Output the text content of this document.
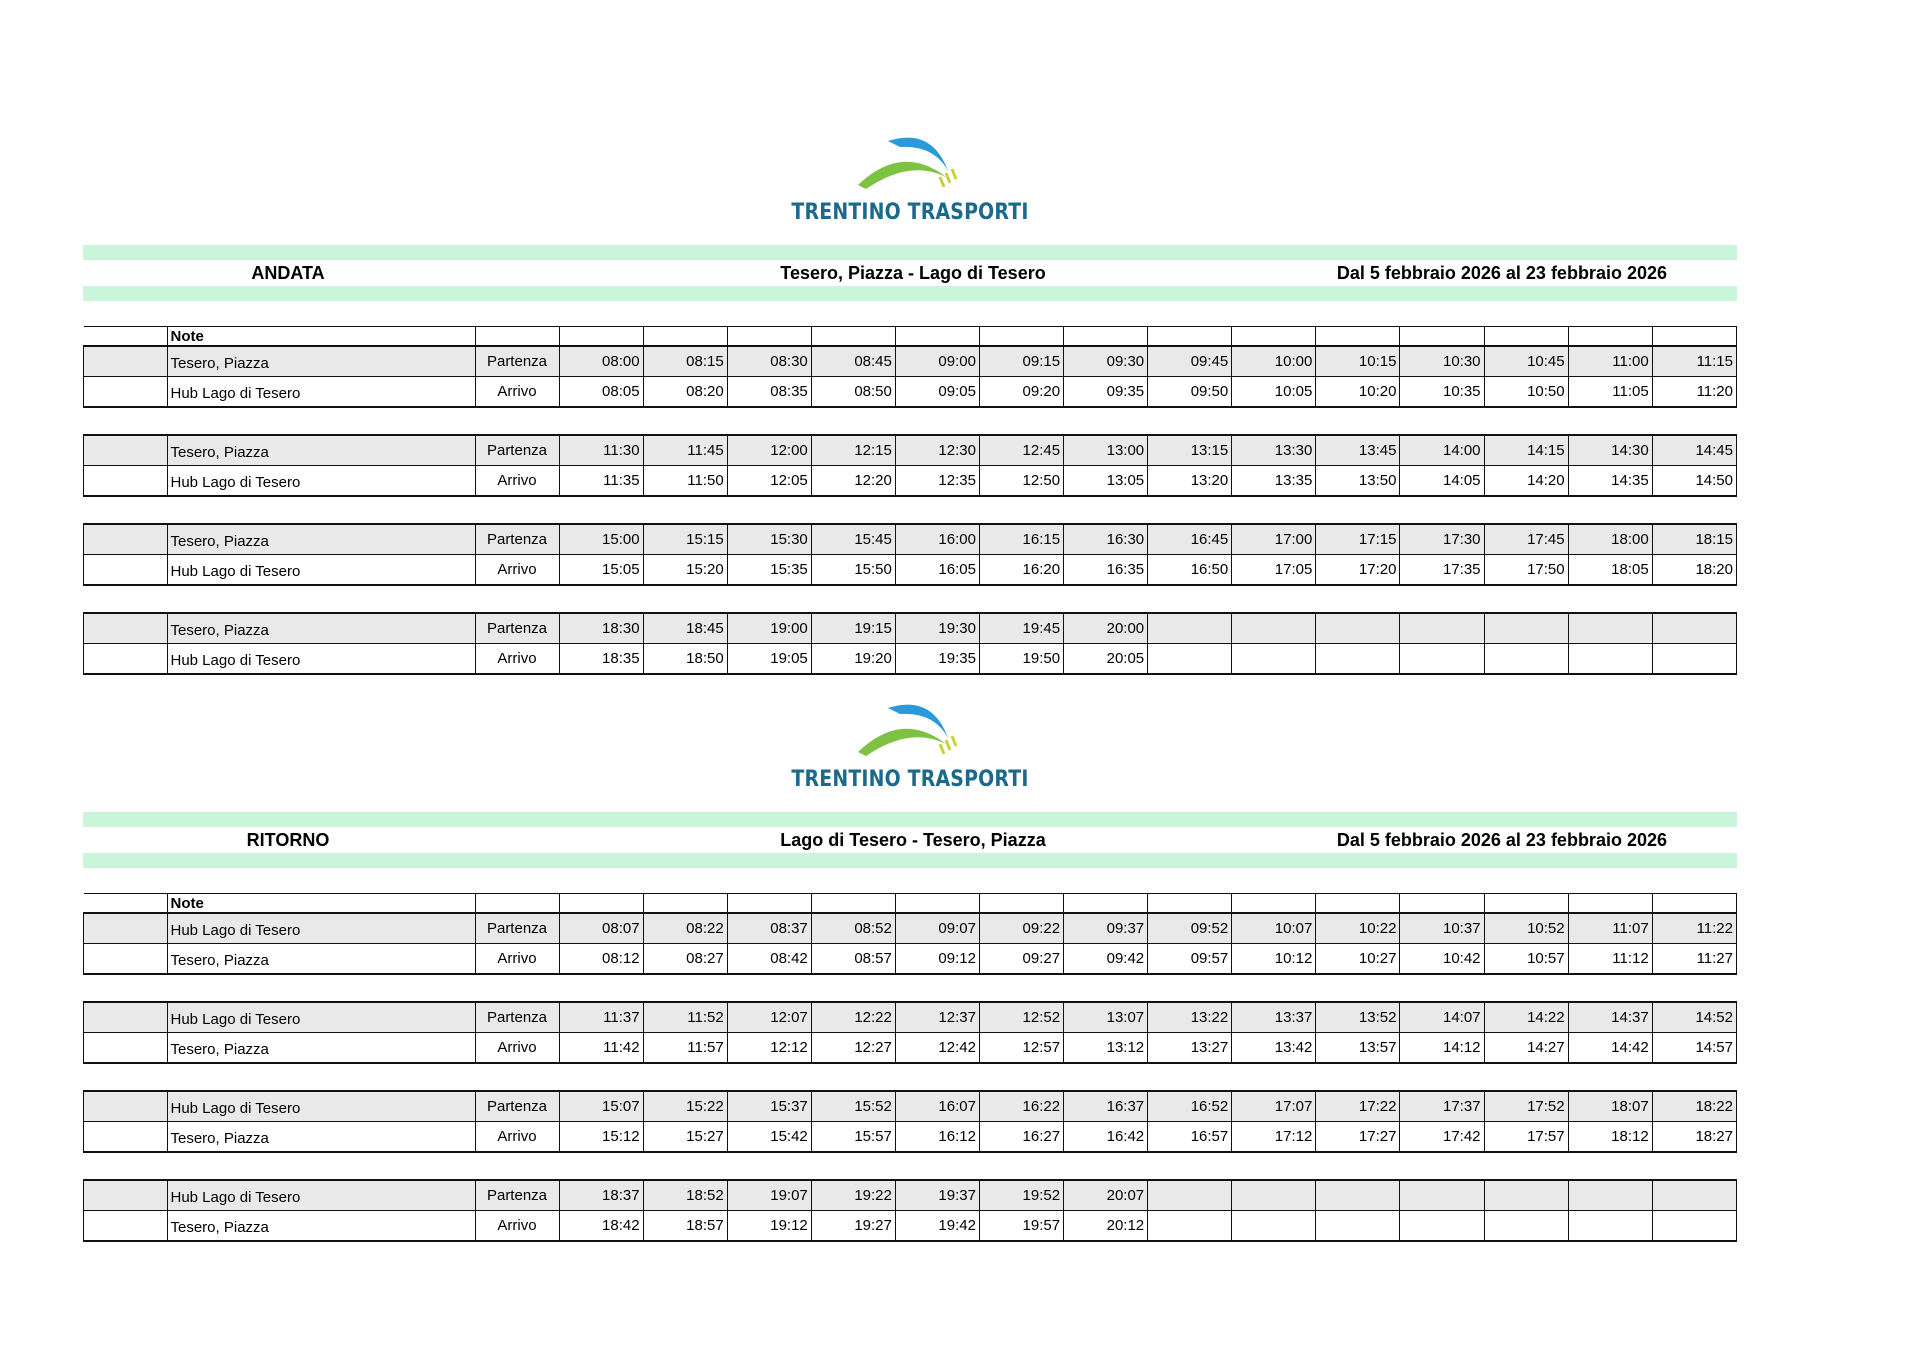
TRENTINO TRASPORTI
ANDATA	Tesero, Piazza - Lago di Tesero	Dal 5 febbraio 2026 al 23 febbraio 2026
	Note															
	Tesero, Piazza	Partenza	08:00	08:15	08:30	08:45	09:00	09:15	09:30	09:45	10:00	10:15	10:30	10:45	11:00	11:15
	Hub Lago di Tesero	Arrivo	08:05	08:20	08:35	08:50	09:05	09:20	09:35	09:50	10:05	10:20	10:35	10:50	11:05	11:20

	Tesero, Piazza	Partenza	11:30	11:45	12:00	12:15	12:30	12:45	13:00	13:15	13:30	13:45	14:00	14:15	14:30	14:45
	Hub Lago di Tesero	Arrivo	11:35	11:50	12:05	12:20	12:35	12:50	13:05	13:20	13:35	13:50	14:05	14:20	14:35	14:50

	Tesero, Piazza	Partenza	15:00	15:15	15:30	15:45	16:00	16:15	16:30	16:45	17:00	17:15	17:30	17:45	18:00	18:15
	Hub Lago di Tesero	Arrivo	15:05	15:20	15:35	15:50	16:05	16:20	16:35	16:50	17:05	17:20	17:35	17:50	18:05	18:20

	Tesero, Piazza	Partenza	18:30	18:45	19:00	19:15	19:30	19:45	20:00							
	Hub Lago di Tesero	Arrivo	18:35	18:50	19:05	19:20	19:35	19:50	20:05							
TRENTINO TRASPORTI
RITORNO	Lago di Tesero - Tesero, Piazza	Dal 5 febbraio 2026 al 23 febbraio 2026
	Note															
	Hub Lago di Tesero	Partenza	08:07	08:22	08:37	08:52	09:07	09:22	09:37	09:52	10:07	10:22	10:37	10:52	11:07	11:22
	Tesero, Piazza	Arrivo	08:12	08:27	08:42	08:57	09:12	09:27	09:42	09:57	10:12	10:27	10:42	10:57	11:12	11:27

	Hub Lago di Tesero	Partenza	11:37	11:52	12:07	12:22	12:37	12:52	13:07	13:22	13:37	13:52	14:07	14:22	14:37	14:52
	Tesero, Piazza	Arrivo	11:42	11:57	12:12	12:27	12:42	12:57	13:12	13:27	13:42	13:57	14:12	14:27	14:42	14:57

	Hub Lago di Tesero	Partenza	15:07	15:22	15:37	15:52	16:07	16:22	16:37	16:52	17:07	17:22	17:37	17:52	18:07	18:22
	Tesero, Piazza	Arrivo	15:12	15:27	15:42	15:57	16:12	16:27	16:42	16:57	17:12	17:27	17:42	17:57	18:12	18:27

	Hub Lago di Tesero	Partenza	18:37	18:52	19:07	19:22	19:37	19:52	20:07							
	Tesero, Piazza	Arrivo	18:42	18:57	19:12	19:27	19:42	19:57	20:12							
